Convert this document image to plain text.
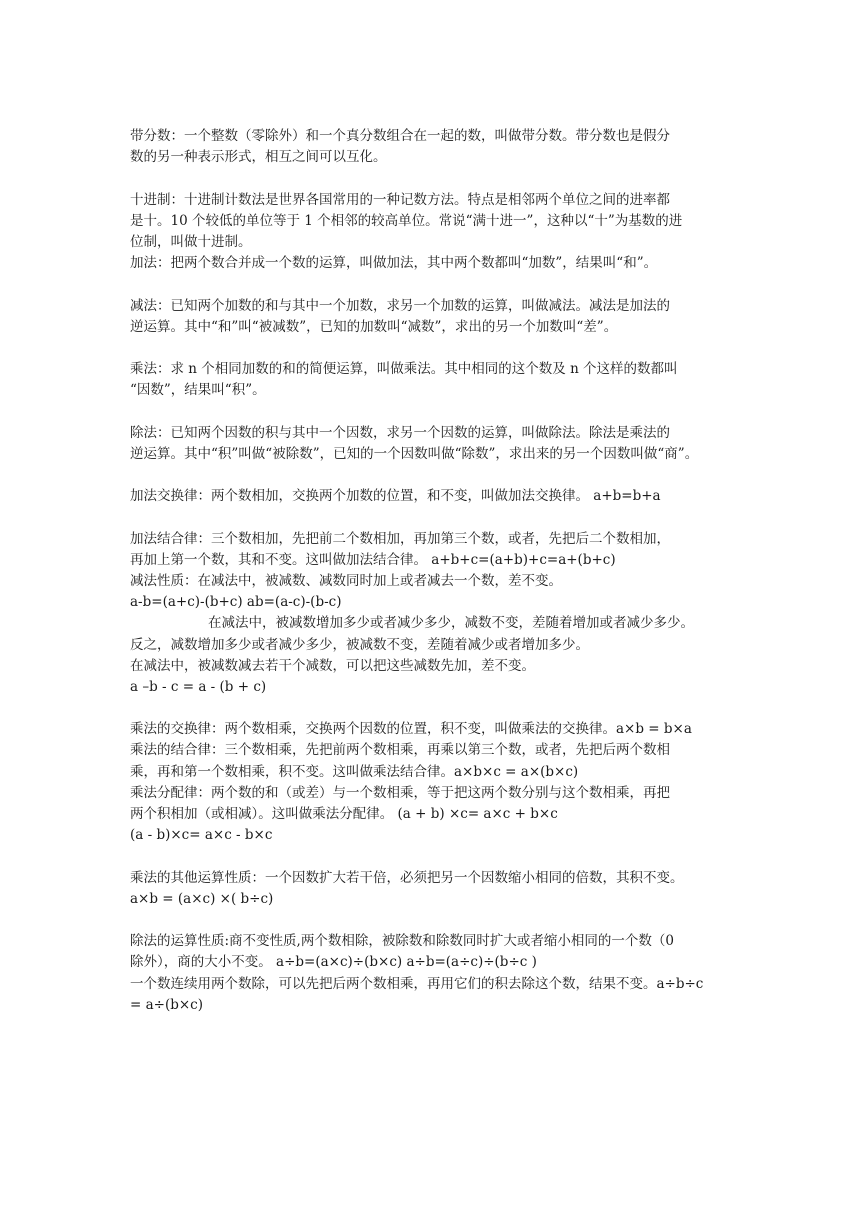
带分数：一个整数（零除外）和一个真分数组合在一起的数，叫做带分数。带分数也是假分

数的另一种表示形式，相互之间可以互化。

十进制：十进制计数法是世界各国常用的一种记数方法。特点是相邻两个单位之间的进率都

是十。10 个较低的单位等于 1 个相邻的较高单位。常说“满十进一”，这种以“十”为基数的进

位制，叫做十进制。

加法：把两个数合并成一个数的运算，叫做加法，其中两个数都叫“加数”，结果叫“和”。

减法：已知两个加数的和与其中一个加数，求另一个加数的运算，叫做减法。减法是加法的

逆运算。其中“和”叫“被减数”，已知的加数叫“减数”，求出的另一个加数叫“差”。

乘法：求 n 个相同加数的和的简便运算，叫做乘法。其中相同的这个数及 n 个这样的数都叫

“因数”，结果叫“积”。

除法：已知两个因数的积与其中一个因数，求另一个因数的运算，叫做除法。除法是乘法的

逆运算。其中“积”叫做“被除数”，已知的一个因数叫做“除数”，求出来的另一个因数叫做“商”。

加法交换律：两个数相加，交换两个加数的位置，和不变，叫做加法交换律。 a+b=b+a

加法结合律：三个数相加，先把前二个数相加，再加第三个数，或者，先把后二个数相加，

再加上第一个数，其和不变。这叫做加法结合律。 a+b+c=(a+b)+c=a+(b+c)

减法性质：在减法中，被减数、减数同时加上或者减去一个数，差不变。

a-b=(a+c)-(b+c) ab=(a-c)-(b-c)

在减法中，被减数增加多少或者减少多少，减数不变，差随着增加或者减少多少。

反之，减数增加多少或者减少多少，被减数不变，差随着减少或者增加多少。

在减法中，被减数减去若干个减数，可以把这些减数先加，差不变。

a –b - c = a - (b + c)

乘法的交换律：两个数相乘，交换两个因数的位置，积不变，叫做乘法的交换律。a×b = b×a

乘法的结合律：三个数相乘，先把前两个数相乘，再乘以第三个数，或者，先把后两个数相

乘，再和第一个数相乘，积不变。这叫做乘法结合律。a×b×c = a×(b×c)

乘法分配律：两个数的和（或差）与一个数相乘，等于把这两个数分别与这个数相乘，再把

两个积相加（或相减）。这叫做乘法分配律。 (a + b) ×c= a×c + b×c

(a - b)×c= a×c - b×c

乘法的其他运算性质：一个因数扩大若干倍，必须把另一个因数缩小相同的倍数，其积不变。

a×b = (a×c) ×( b÷c)

除法的运算性质:商不变性质,两个数相除，被除数和除数同时扩大或者缩小相同的一个数（0

除外），商的大小不变。 a÷b=(a×c)÷(b×c) a÷b=(a÷c)÷(b÷c )

一个数连续用两个数除，可以先把后两个数相乘，再用它们的积去除这个数，结果不变。a÷b÷c

= a÷(b×c)
